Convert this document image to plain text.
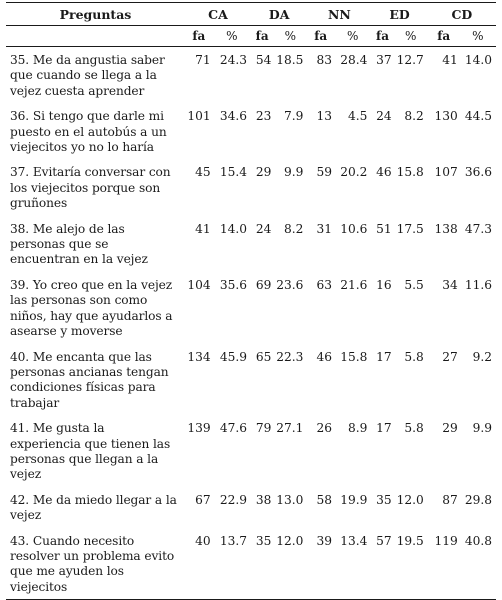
Preguntas	CA		DA		NN		ED		CD	
	fa	%	fa	%	fa	%	fa	%	fa	%

35. Me da angustia saber que cuando se llega a la vejez cuesta aprender	71	24.3	54	18.5	83	28.4	37	12.7	41	14.0

36. Si tengo que darle mi puesto en el autobús a un viejecitos yo no lo haría	101	34.6	23	7.9	13	4.5	24	8.2	130	44.5

37. Evitaría conversar con los viejecitos porque son gruñones	45	15.4	29	9.9	59	20.2	46	15.8	107	36.6

38. Me alejo de las personas que se encuentran en la vejez	41	14.0	24	8.2	31	10.6	51	17.5	138	47.3

39. Yo creo que en la vejez las personas son como niños, hay que ayudarlos a asearse y moverse	104	35.6	69	23.6	63	21.6	16	5.5	34	11.6

40. Me encanta que las personas ancianas tengan condiciones físicas para trabajar	134	45.9	65	22.3	46	15.8	17	5.8	27	9.2

41. Me gusta la experiencia que tienen las personas que llegan a la vejez	139	47.6	79	27.1	26	8.9	17	5.8	29	9.9

42. Me da miedo llegar a la vejez	67	22.9	38	13.0	58	19.9	35	12.0	87	29.8

43. Cuando necesito resolver un problema evito que me ayuden los viejecitos	40	13.7	35	12.0	39	13.4	57	19.5	119	40.8
